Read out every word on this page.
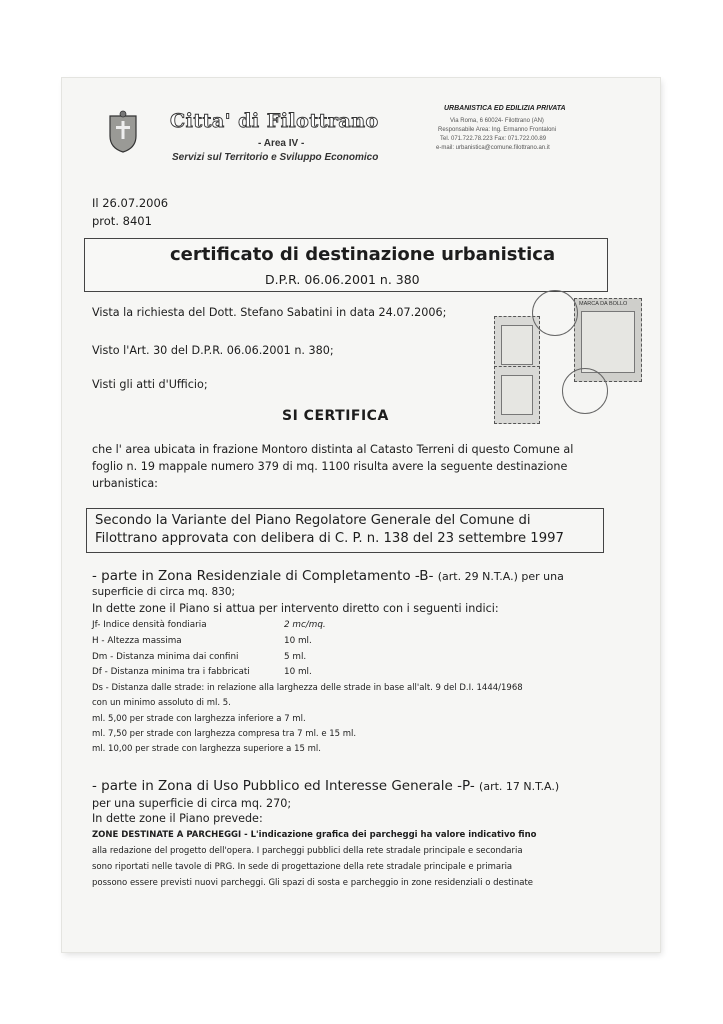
Citta' di Filottrano
- Area IV -
Servizi sul Territorio e Sviluppo Economico
URBANISTICA ED EDILIZIA PRIVATA
Via Roma, 6 60024- Filottrano (AN)
Responsabile Area: Ing. Ermanno Frontaloni
Tel. 071.722.78.223 Fax: 071.722.00.89
e-mail: urbanistica@comune.filottrano.an.it
Il 26.07.2006
prot. 8401
certificato di destinazione urbanistica
D.P.R. 06.06.2001 n. 380
MARCA DA BOLLO
Vista la richiesta del Dott. Stefano Sabatini in data 24.07.2006;
Visto l'Art. 30 del D.P.R. 06.06.2001 n. 380;
Visti gli atti d'Ufficio;
SI CERTIFICA
che l' area ubicata in frazione Montoro distinta al Catasto Terreni di questo Comune al
foglio n. 19 mappale numero 379 di mq. 1100 risulta avere la seguente destinazione
urbanistica:
Secondo la Variante del Piano Regolatore Generale del Comune di
Filottrano approvata con delibera di C. P. n. 138 del 23 settembre 1997
- parte in Zona Residenziale di Completamento -B- (art. 29 N.T.A.) per una
superficie di circa mq. 830;
In dette zone il Piano si attua per intervento diretto con i seguenti indici:
Jf- Indice densità fondiaria	2 mc/mq.
H - Altezza massima	10 ml.
Dm - Distanza minima dai confini	5 ml.
Df - Distanza minima tra i fabbricati	10 ml.
Ds - Distanza dalle strade: in relazione alla larghezza delle strade in base all'alt. 9 del D.I. 1444/1968
con un minimo assoluto di ml. 5.
ml. 5,00 per strade con larghezza inferiore a 7 ml.
ml. 7,50 per strade con larghezza compresa tra 7 ml. e 15 ml.
ml. 10,00 per strade con larghezza superiore a 15 ml.
- parte in Zona di Uso Pubblico ed Interesse Generale -P- (art. 17 N.T.A.)
per una superficie di circa mq. 270;
In dette zone il Piano prevede:
ZONE DESTINATE A PARCHEGGI - L'indicazione grafica dei parcheggi ha valore indicativo fino
alla redazione del progetto dell'opera. I parcheggi pubblici della rete stradale principale e secondaria
sono riportati nelle tavole di PRG. In sede di progettazione della rete stradale principale e primaria
possono essere previsti nuovi parcheggi. Gli spazi di sosta e parcheggio in zone residenziali o destinate
